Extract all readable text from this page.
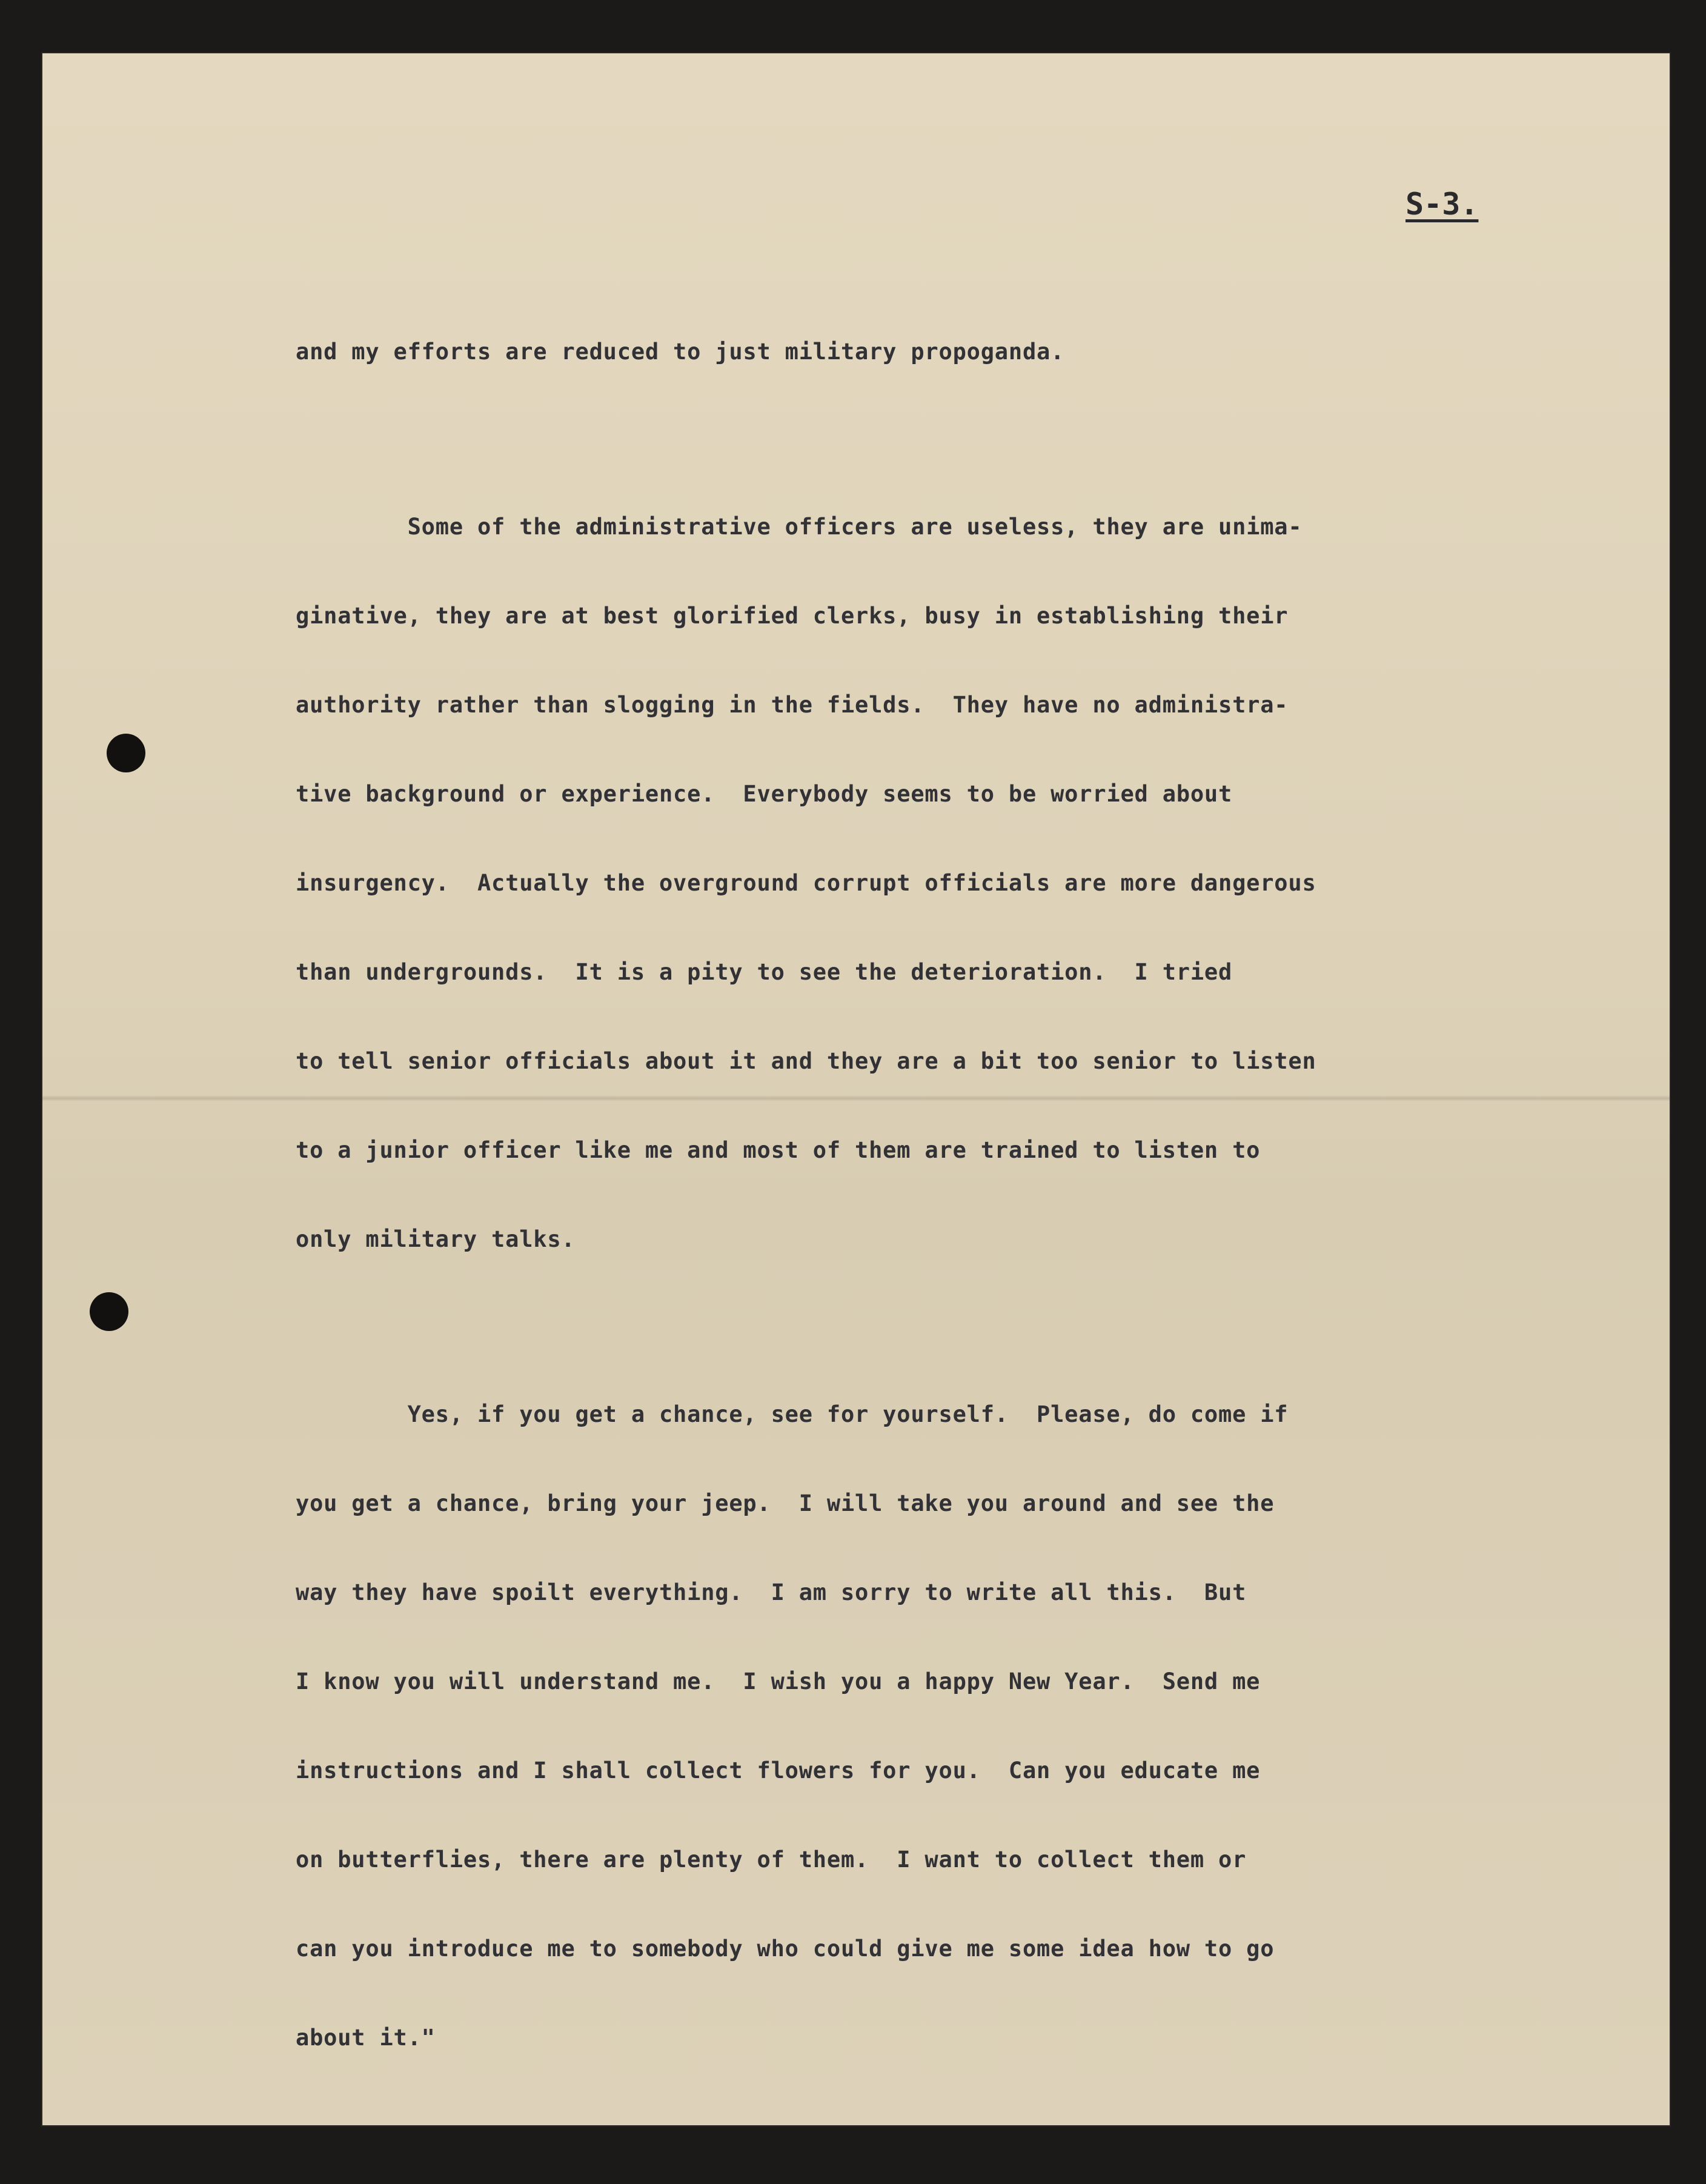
S-3.

and my efforts are reduced to just military propoganda.

Some of the administrative officers are useless, they are unima-

ginative, they are at best glorified clerks, busy in establishing their

authority rather than slogging in the fields.  They have no administra-

tive background or experience.  Everybody seems to be worried about

insurgency.  Actually the overground corrupt officials are more dangerous

than undergrounds.  It is a pity to see the deterioration.  I tried

to tell senior officials about it and they are a bit too senior to listen

to a junior officer like me and most of them are trained to listen to

only military talks.

Yes, if you get a chance, see for yourself.  Please, do come if

you get a chance, bring your jeep.  I will take you around and see the

way they have spoilt everything.  I am sorry to write all this.  But

I know you will understand me.  I wish you a happy New Year.  Send me

instructions and I shall collect flowers for you.  Can you educate me

on butterflies, there are plenty of them.  I want to collect them or

can you introduce me to somebody who could give me some idea how to go

about it."
